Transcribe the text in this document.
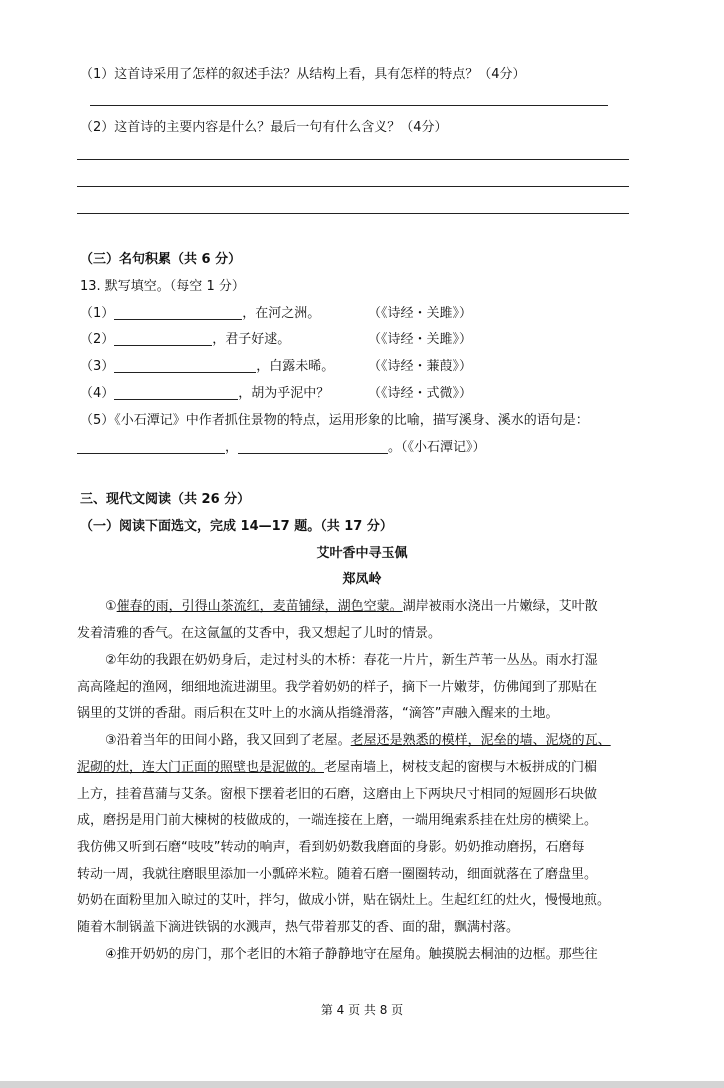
（1）这首诗采用了怎样的叙述手法？从结构上看，具有怎样的特点？（4分）
（2）这首诗的主要内容是什么？最后一句有什么含义？（4分）
（三）名句积累（共 6 分）
13. 默写填空。（每空 1 分）
（1）	，在河之洲。	（《诗经・关雎》）
（2）	，君子好逑。	（《诗经・关雎》）
（3）	，白露未晞。	（《诗经・蒹葭》）
（4）	，胡为乎泥中？	（《诗经・式微》）
（5）《小石潭记》中作者抓住景物的特点，运用形象的比喻，描写溪身、溪水的语句是：
，	。（《小石潭记》）
三、现代文阅读（共 26 分）
（一）阅读下面选文，完成 14—17 题。（共 17 分）
艾叶香中寻玉佩
郑凤岭
①催春的雨，引得山茶流红，麦苗铺绿，湖色空蒙。湖岸被雨水浇出一片嫩绿，艾叶散
发着清雅的香气。在这氤氲的艾香中，我又想起了儿时的情景。
②年幼的我跟在奶奶身后，走过村头的木桥：春花一片片，新生芦苇一丛丛。雨水打湿
高高隆起的渔网，细细地流进湖里。我学着奶奶的样子，摘下一片嫩芽，仿佛闻到了那贴在
锅里的艾饼的香甜。雨后积在艾叶上的水滴从指缝滑落，“滴答”声融入醒来的土地。
③沿着当年的田间小路，我又回到了老屋。老屋还是熟悉的模样，泥垒的墙、泥烧的瓦、
泥砌的灶，连大门正面的照壁也是泥做的。老屋南墙上，树枝支起的窗楔与木板拼成的门楣
上方，挂着菖蒲与艾条。窗根下摆着老旧的石磨，这磨由上下两块尺寸相同的短圆形石块做
成，磨拐是用门前大楝树的枝做成的，一端连接在上磨，一端用绳索系挂在灶房的横梁上。
我仿佛又听到石磨“吱吱”转动的响声，看到奶奶数我磨面的身影。奶奶推动磨拐，石磨每
转动一周，我就往磨眼里添加一小瓢碎米粒。随着石磨一圈圈转动，细面就落在了磨盘里。
奶奶在面粉里加入晾过的艾叶，拌匀，做成小饼，贴在锅灶上。生起红红的灶火，慢慢地煎。
随着木制锅盖下滴进铁锅的水溅声，热气带着那艾的香、面的甜，飘满村落。
④推开奶奶的房门，那个老旧的木箱子静静地守在屋角。触摸脱去桐油的边框。那些往
第 4 页 共 8 页
